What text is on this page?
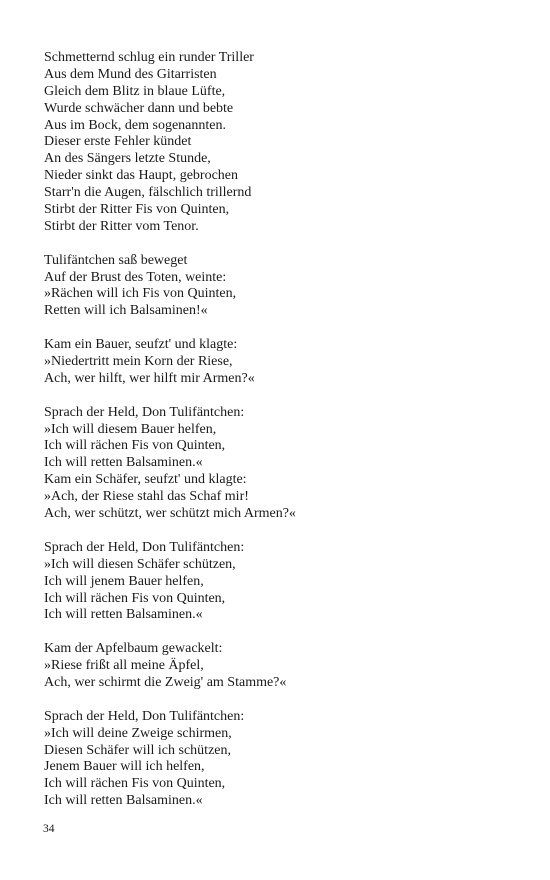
Schmetternd schlug ein runder Triller
Aus dem Mund des Gitarristen
Gleich dem Blitz in blaue Lüfte,
Wurde schwächer dann und bebte
Aus im Bock, dem sogenannten.
Dieser erste Fehler kündet
An des Sängers letzte Stunde,
Nieder sinkt das Haupt, gebrochen
Starr'n die Augen, fälschlich trillernd
Stirbt der Ritter Fis von Quinten,
Stirbt der Ritter vom Tenor.
Tulifäntchen saß beweget
Auf der Brust des Toten, weinte:
»Rächen will ich Fis von Quinten,
Retten will ich Balsaminen!«
Kam ein Bauer, seufzt' und klagte:
»Niedertritt mein Korn der Riese,
Ach, wer hilft, wer hilft mir Armen?«
Sprach der Held, Don Tulifäntchen:
»Ich will diesem Bauer helfen,
Ich will rächen Fis von Quinten,
Ich will retten Balsaminen.«
Kam ein Schäfer, seufzt' und klagte:
»Ach, der Riese stahl das Schaf mir!
Ach, wer schützt, wer schützt mich Armen?«
Sprach der Held, Don Tulifäntchen:
»Ich will diesen Schäfer schützen,
Ich will jenem Bauer helfen,
Ich will rächen Fis von Quinten,
Ich will retten Balsaminen.«
Kam der Apfelbaum gewackelt:
»Riese frißt all meine Äpfel,
Ach, wer schirmt die Zweig' am Stamme?«
Sprach der Held, Don Tulifäntchen:
»Ich will deine Zweige schirmen,
Diesen Schäfer will ich schützen,
Jenem Bauer will ich helfen,
Ich will rächen Fis von Quinten,
Ich will retten Balsaminen.«
34
